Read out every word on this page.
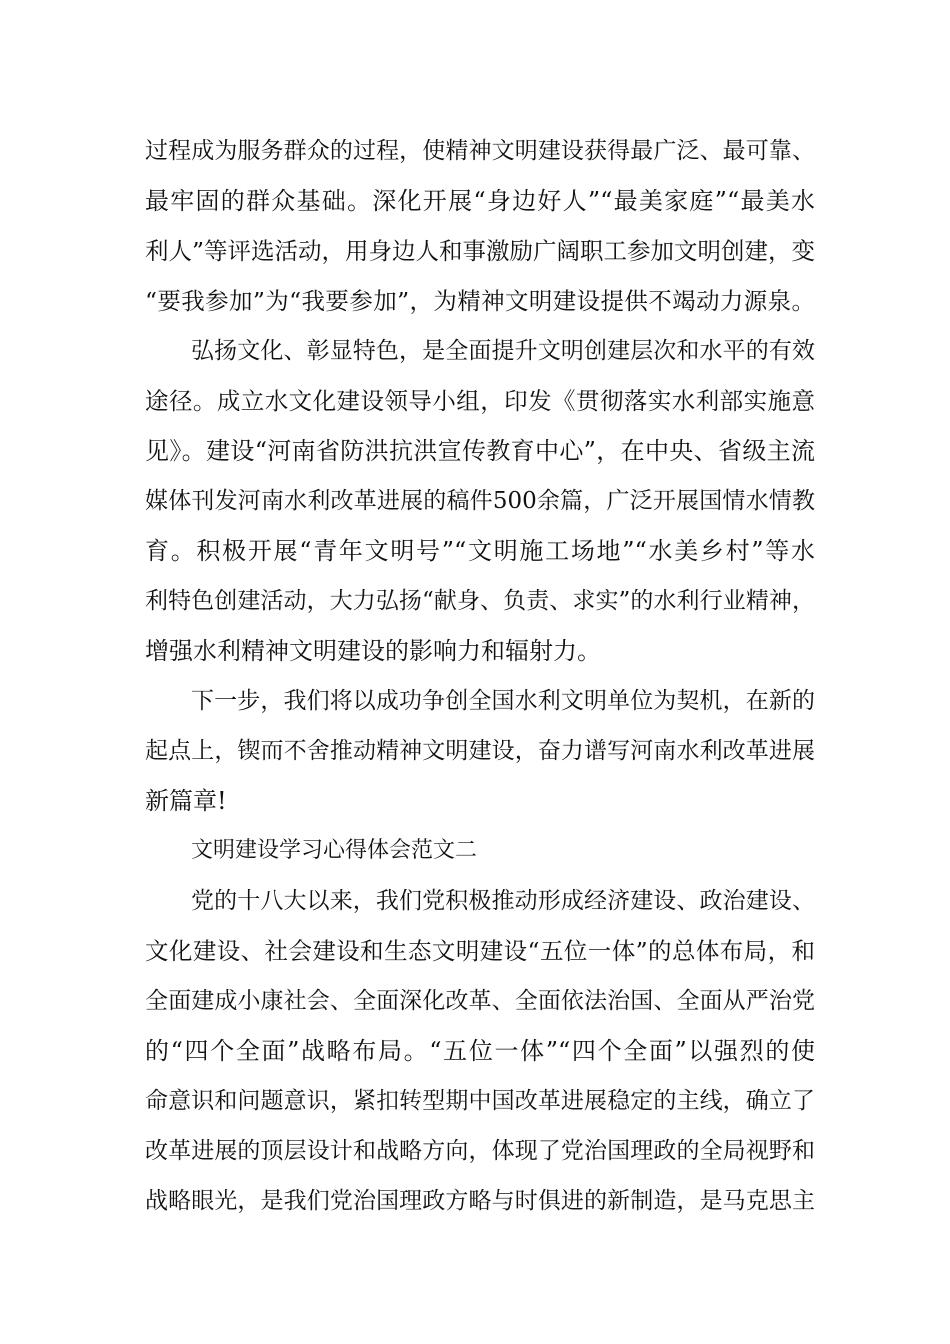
过程成为服务群众的过程，使精神文明建设获得最广泛、最可靠、
最牢固的群众基础。深化开展“身边好人”“最美家庭”“最美水
利人”等评选活动，用身边人和事激励广阔职工参加文明创建，变
“要我参加”为“我要参加”，为精神文明建设提供不竭动力源泉。
弘扬文化、彰显特色，是全面提升文明创建层次和水平的有效
途径。成立水文化建设领导小组，印发《贯彻落实水利部实施意
见》。建设“河南省防洪抗洪宣传教育中心”，在中央、省级主流
媒体刊发河南水利改革进展的稿件500余篇，广泛开展国情水情教
育。积极开展“青年文明号”“文明施工场地”“水美乡村”等水
利特色创建活动，大力弘扬“献身、负责、求实”的水利行业精神，
增强水利精神文明建设的影响力和辐射力。
下一步，我们将以成功争创全国水利文明单位为契机，在新的
起点上，锲而不舍推动精神文明建设，奋力谱写河南水利改革进展
新篇章!
文明建设学习心得体会范文二
党的十八大以来，我们党积极推动形成经济建设、政治建设、
文化建设、社会建设和生态文明建设“五位一体”的总体布局，和
全面建成小康社会、全面深化改革、全面依法治国、全面从严治党
的“四个全面”战略布局。“五位一体”“四个全面”以强烈的使
命意识和问题意识，紧扣转型期中国改革进展稳定的主线，确立了
改革进展的顶层设计和战略方向，体现了党治国理政的全局视野和
战略眼光，是我们党治国理政方略与时俱进的新制造，是马克思主
